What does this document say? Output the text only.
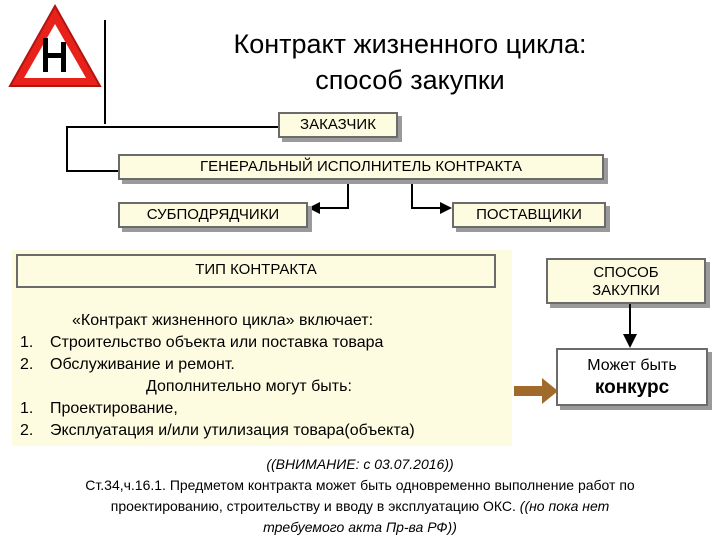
Контракт жизненного цикла:
способ закупки
ЗАКАЗЧИК
ГЕНЕРАЛЬНЫЙ ИСПОЛНИТЕЛЬ КОНТРАКТА
СУБПОДРЯДЧИКИ	ПОСТАВЩИКИ
ТИП КОНТРАКТА	СПОСОБ
ЗАКУПКИ
Может быть
конкурс
«Контракт жизненного цикла» включает:
1. Строительство объекта или поставка товара
2. Обслуживание и ремонт.
Дополнительно могут быть:
1. Проектирование,
2. Эксплуатация и/или утилизация товара(объекта)
((ВНИМАНИЕ: с 03.07.2016))
Ст.34,ч.16.1. Предметом контракта может быть одновременно выполнение работ по
проектированию, строительству и вводу в эксплуатацию ОКС. ((но пока нет
требуемого акта Пр-ва РФ))
